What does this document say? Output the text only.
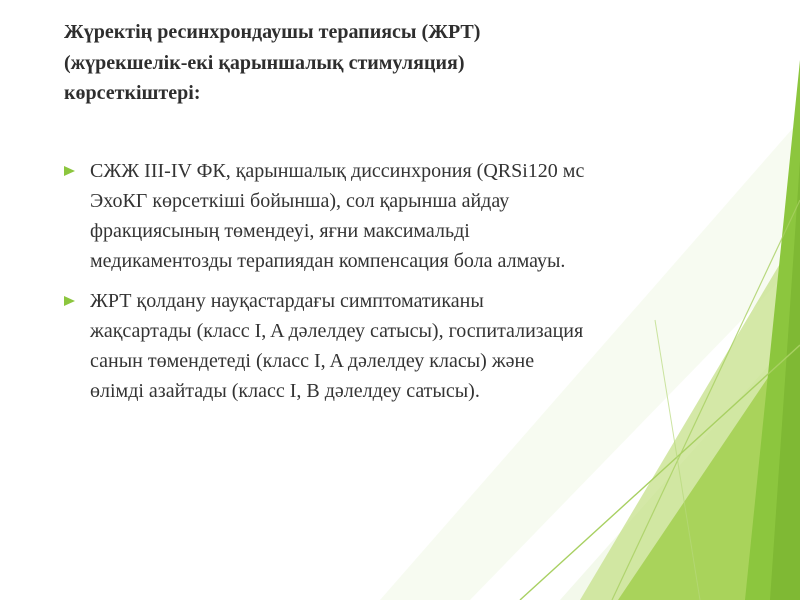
Жүректің ресинхрондаушы терапиясы (ЖРТ)
(жүрекшелік-екі қарыншалық стимуляция)
көрсеткіштері:
СЖЖ III-IV ФК, қарыншалық диссинхрония (QRSi120 мс
ЭхоКГ көрсеткіші бойынша), сол қарынша айдау
фракциясының төмендеуі, яғни максимальді
медикаментозды терапиядан компенсация бола алмауы.
ЖРТ қолдану науқастардағы симптоматиканы
жақсартады (класс I, A дәлелдеу сатысы), госпитализация
санын төмендетеді (класс I, A дәлелдеу класы) және
өлімді азайтады (класс I, B дәлелдеу сатысы).
